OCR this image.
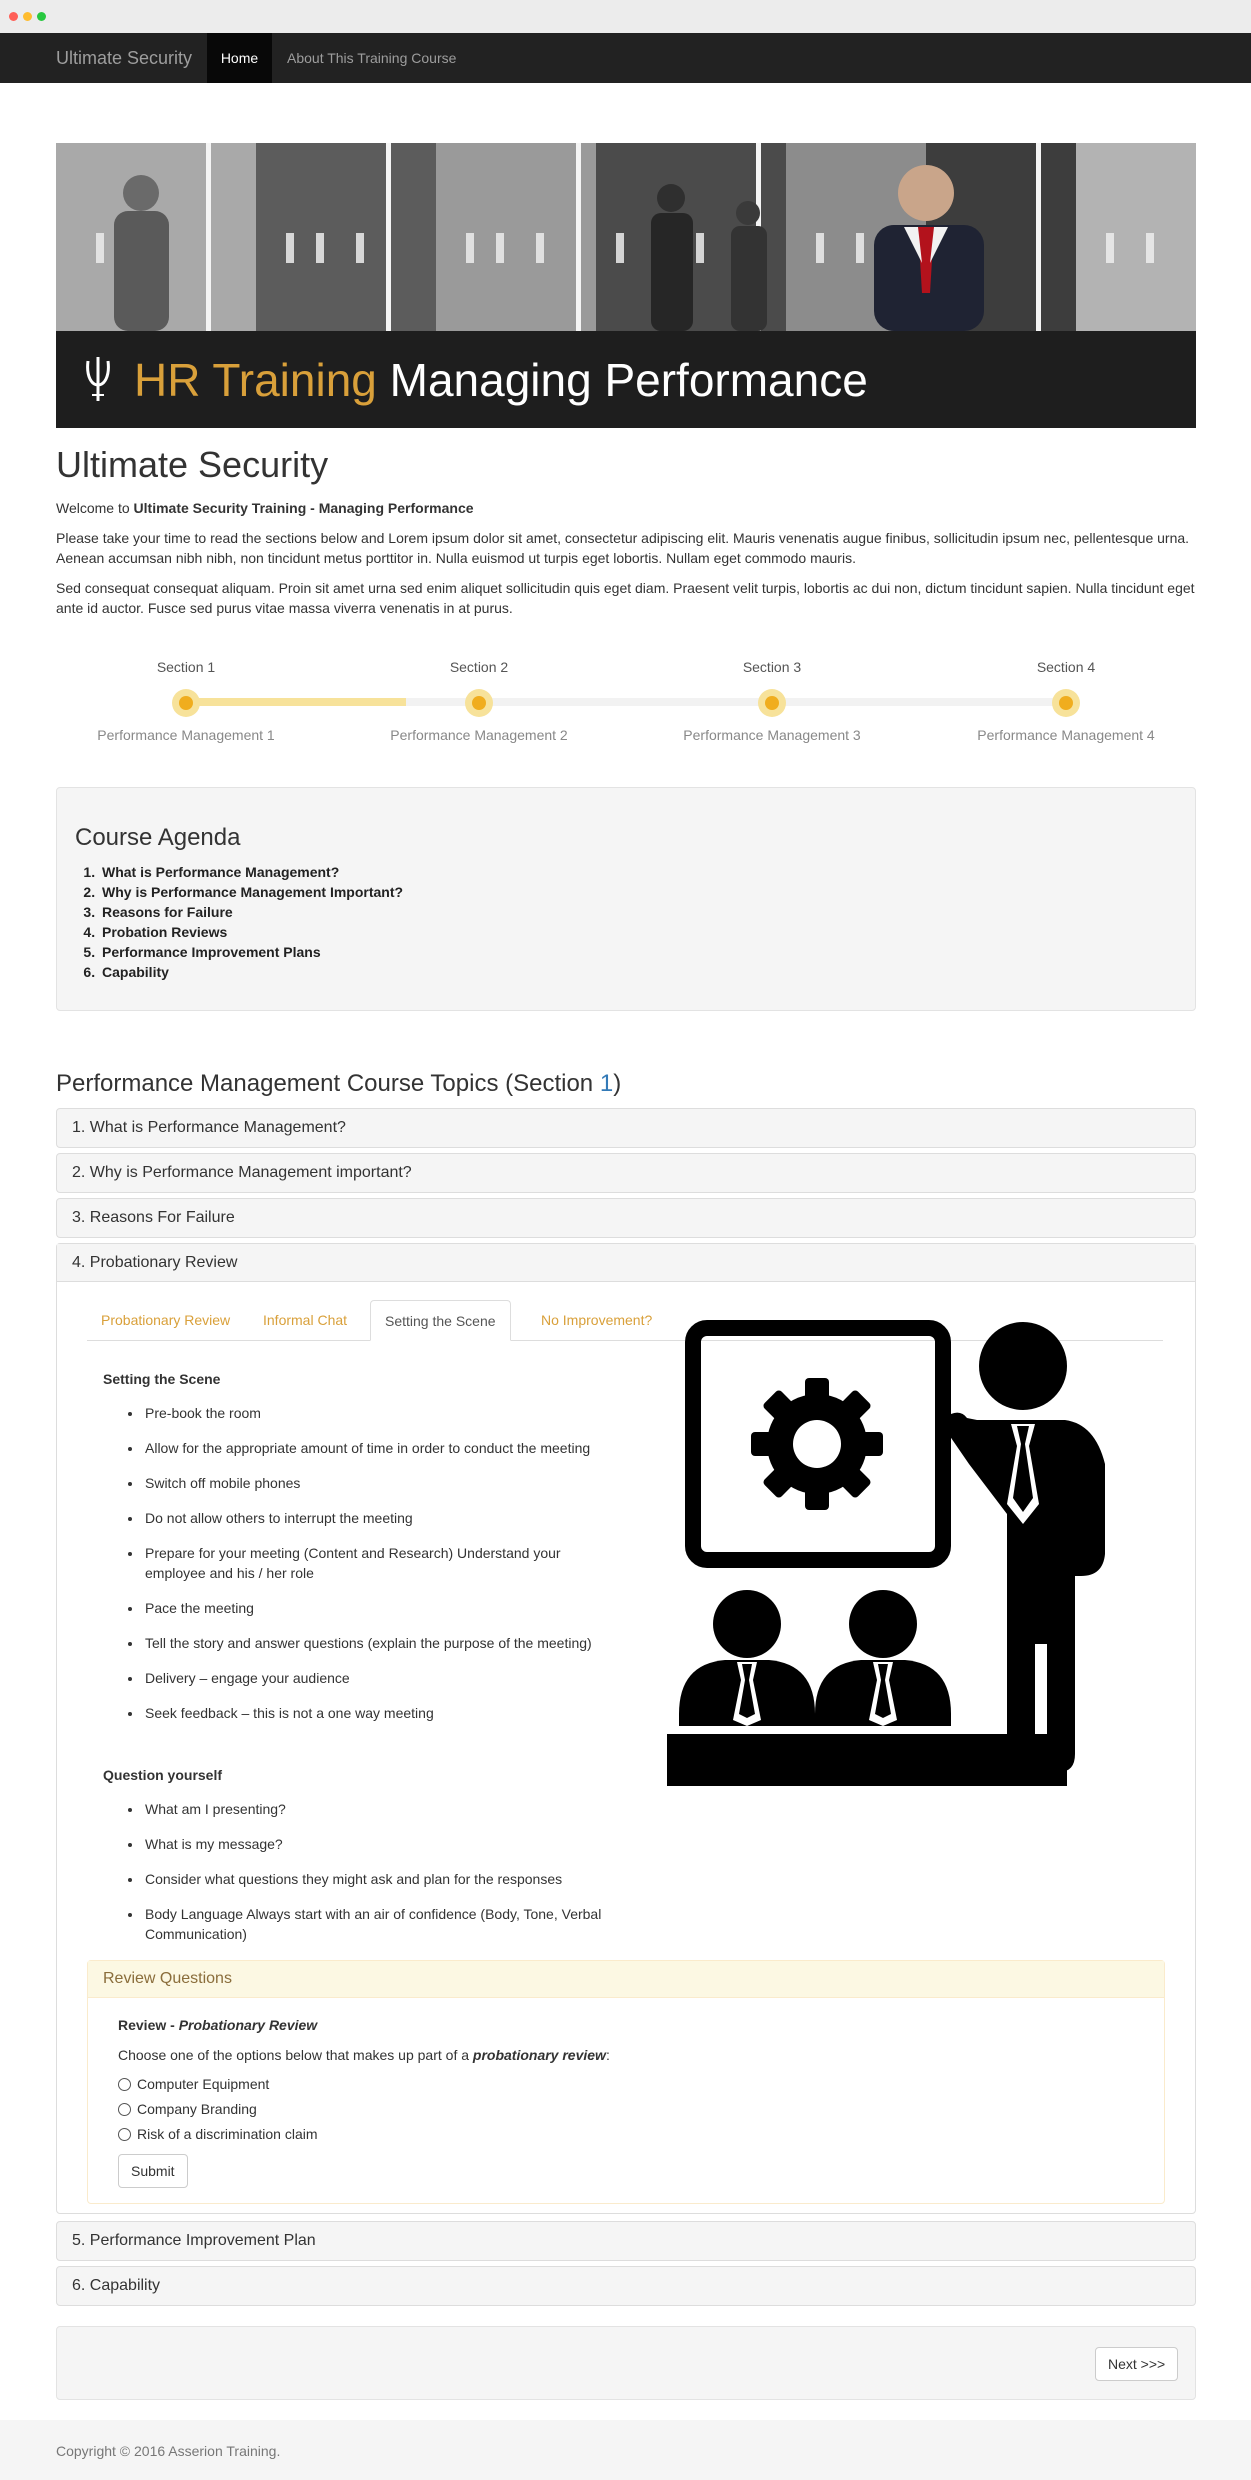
Ultimate Security	Home	About This Training Course
HR Training Managing Performance
Ultimate Security

Welcome to Ultimate Security Training - Managing Performance

Please take your time to read the sections below and Lorem ipsum dolor sit amet, consectetur adipiscing elit. Mauris venenatis augue finibus, sollicitudin ipsum nec, pellentesque urna. Aenean accumsan nibh nibh, non tincidunt metus porttitor in. Nulla euismod ut turpis eget lobortis. Nullam eget commodo mauris.

Sed consequat consequat aliquam. Proin sit amet urna sed enim aliquet sollicitudin quis eget diam. Praesent velit turpis, lobortis ac dui non, dictum tincidunt sapien. Nulla tincidunt eget ante id auctor. Fusce sed purus vitae massa viverra venenatis in at purus.

Section 1
Performance Management 1
Section 2
Performance Management 2
Section 3
Performance Management 3
Section 4
Performance Management 4
Course Agenda
1. What is Performance Management?
2. Why is Performance Management Important?
3. Reasons for Failure
4. Probation Reviews
5. Performance Improvement Plans
6. Capability
Performance Management Course Topics (Section 1)
1. What is Performance Management?
2. Why is Performance Management important?
3. Reasons For Failure
4. Probationary Review
Probationary Review	Informal Chat	Setting the Scene	No Improvement?
Setting the Scene
• Pre-book the room
• Allow for the appropriate amount of time in order to conduct the meeting
• Switch off mobile phones
• Do not allow others to interrupt the meeting
• Prepare for your meeting (Content and Research) Understand your employee and his / her role
• Pace the meeting
• Tell the story and answer questions (explain the purpose of the meeting)
• Delivery – engage your audience
• Seek feedback – this is not a one way meeting
Question yourself
• What am I presenting?
• What is my message?
• Consider what questions they might ask and plan for the responses
• Body Language Always start with an air of confidence (Body, Tone, Verbal Communication)
Review Questions
Review - Probationary Review
Choose one of the options below that makes up part of a probationary review:
Computer Equipment
Company Branding
Risk of a discrimination claim
Submit
5. Performance Improvement Plan
6. Capability
Next >>>
Copyright © 2016 Asserion Training.
